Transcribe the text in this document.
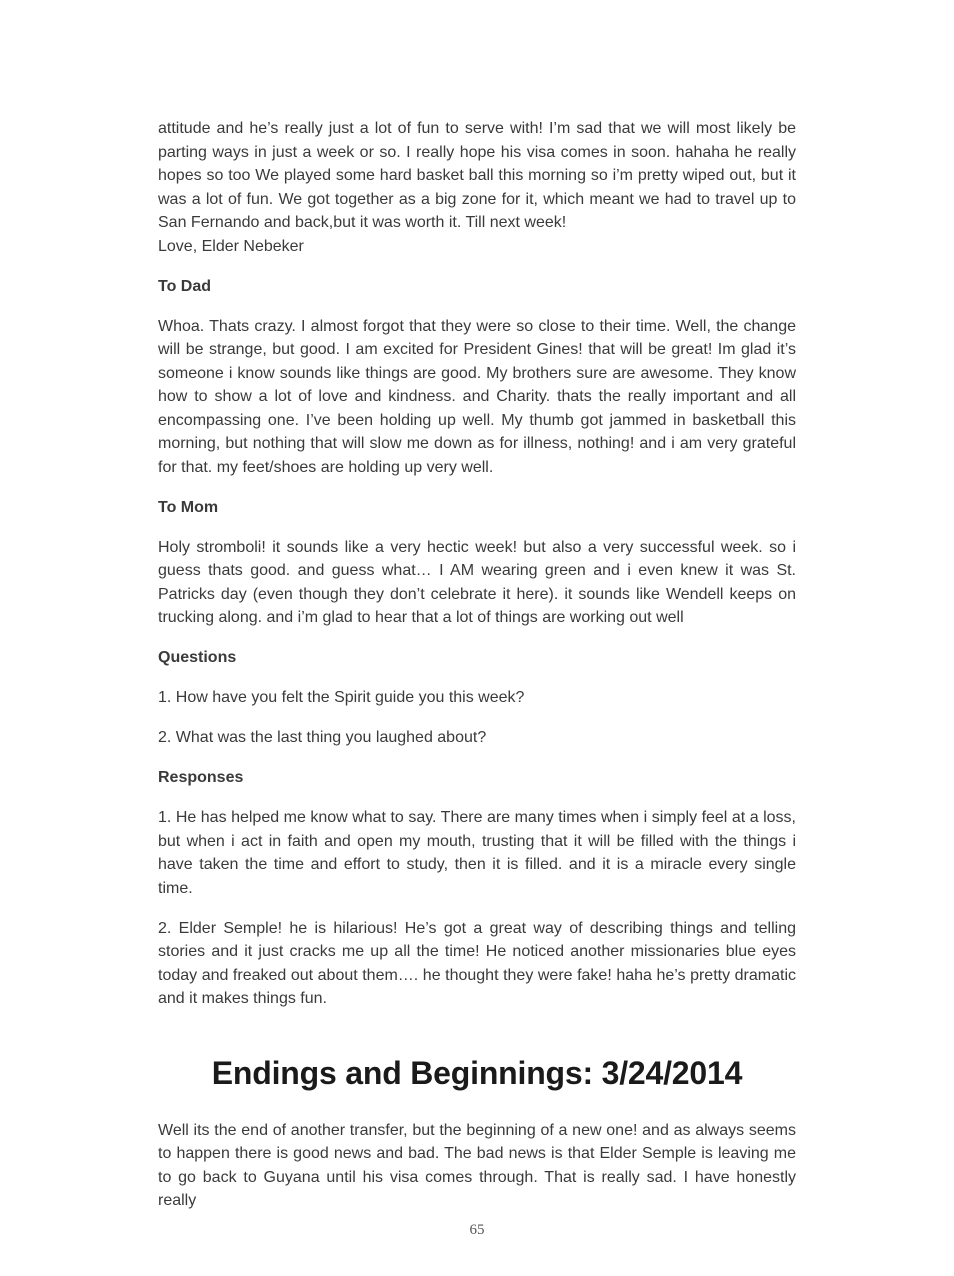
attitude and he’s really just a lot of fun to serve with! I’m sad that we will most likely be parting ways in just a week or so. I really hope his visa comes in soon. hahaha he really hopes so too We played some hard basket ball this morning so i’m pretty wiped out, but it was a lot of fun. We got together as a big zone for it, which meant we had to travel up to San Fernando and back,but it was worth it. Till next week!

Love, Elder Nebeker

To Dad

Whoa. Thats crazy. I almost forgot that they were so close to their time. Well, the change will be strange, but good. I am excited for President Gines! that will be great! Im glad it’s someone i know sounds like things are good. My brothers sure are awesome. They know how to show a lot of love and kindness. and Charity. thats the really important and all encompassing one. I’ve been holding up well. My thumb got jammed in basketball this morning, but nothing that will slow me down as for illness, nothing! and i am very grateful for that. my feet/shoes are holding up very well.

To Mom

Holy stromboli! it sounds like a very hectic week! but also a very successful week. so i guess thats good. and guess what… I AM wearing green and i even knew it was St. Patricks day (even though they don’t celebrate it here). it sounds like Wendell keeps on trucking along. and i’m glad to hear that a lot of things are working out well

Questions

1. How have you felt the Spirit guide you this week?

2. What was the last thing you laughed about?

Responses

1. He has helped me know what to say. There are many times when i simply feel at a loss, but when i act in faith and open my mouth, trusting that it will be filled with the things i have taken the time and effort to study, then it is filled. and it is a miracle every single time.

2. Elder Semple! he is hilarious! He’s got a great way of describing things and telling stories and it just cracks me up all the time! He noticed another missionaries blue eyes today and freaked out about them…. he thought they were fake! haha he’s pretty dramatic and it makes things fun.

Endings and Beginnings: 3/24/2014

Well its the end of another transfer, but the beginning of a new one! and as always seems to happen there is good news and bad. The bad news is that Elder Semple is leaving me to go back to Guyana until his visa comes through. That is really sad. I have honestly really

65
